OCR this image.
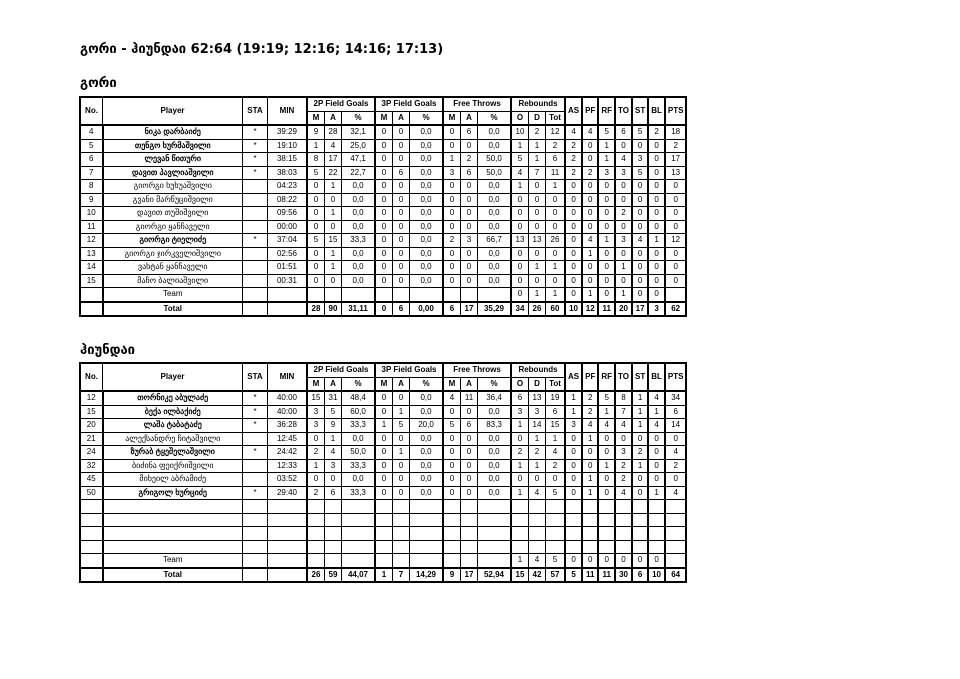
გორი - ჰიუნდაი 62:64 (19:19; 12:16; 14:16; 17:13)
გორი
No.	Player	STA	MIN	2P Field Goals			3P Field Goals			Free Throws			Rebounds			AS	PF	RF	TO	ST	BL	PTS
				M	A	%	M	A	%	M	A	%	O	D	Tot							
4	ნიკა დარბაიძე	*	39:29	9	28	32,1	0	0	0,0	0	6	0,0	10	2	12	4	4	5	6	5	2	18
5	თენგო ხურმაშვილი	*	19:10	1	4	25,0	0	0	0,0	0	0	0,0	1	1	2	2	0	1	0	0	0	2
6	ლევან წითური	*	38:15	8	17	47,1	0	0	0,0	1	2	50,0	5	1	6	2	0	1	4	3	0	17
7	დავით პავლიაშვილი	*	38:03	5	22	22,7	0	6	0,0	3	6	50,0	4	7	11	2	2	3	3	5	0	13
8	გიორგი ხუხუაშვილი		04:23	0	1	0,0	0	0	0,0	0	0	0,0	1	0	1	0	0	0	0	0	0	0
9	გვანი მარწუციშვილი		08:22	0	0	0,0	0	0	0,0	0	0	0,0	0	0	0	0	0	0	0	0	0	0
10	დავით თუშიშვილი		09:56	0	1	0,0	0	0	0,0	0	0	0,0	0	0	0	0	0	0	2	0	0	0
11	გიორგი ყანჩაველი		00:00	0	0	0,0	0	0	0,0	0	0	0,0	0	0	0	0	0	0	0	0	0	0
12	გიორგი ტიელიძე	*	37:04	5	15	33,3	0	0	0,0	2	3	66,7	13	13	26	0	4	1	3	4	1	12
13	გიორგი ჯირკველიშვილი		02:56	0	1	0,0	0	0	0,0	0	0	0,0	0	0	0	0	1	0	0	0	0	0
14	ვახტან ყანჩაველი		01:51	0	1	0,0	0	0	0,0	0	0	0,0	0	1	1	0	0	0	1	0	0	0
15	მაჩო ბალიაშვილი		00:31	0	0	0,0	0	0	0,0	0	0	0,0	0	0	0	0	0	0	0	0	0	0
	Team												0	1	1	0	1	0	1	0	0	
	Total			28	90	31,11	0	6	0,00	6	17	35,29	34	26	60	10	12	11	20	17	3	62
ჰიუნდაი
No.	Player	STA	MIN	2P Field Goals			3P Field Goals			Free Throws			Rebounds			AS	PF	RF	TO	ST	BL	PTS
				M	A	%	M	A	%	M	A	%	O	D	Tot							
12	თორნიკე აბულაძე	*	40:00	15	31	48,4	0	0	0,0	4	11	36,4	6	13	19	1	2	5	8	1	4	34
15	ბექა ილბაქიძე	*	40:00	3	5	60,0	0	1	0,0	0	0	0,0	3	3	6	1	2	1	7	1	1	6
20	ლაშა ტაბატაძე	*	36:28	3	9	33,3	1	5	20,0	5	6	83,3	1	14	15	3	4	4	4	1	4	14
21	ალექსანდრე ჩიტაშვილი		12:45	0	1	0,0	0	0	0,0	0	0	0,0	0	1	1	0	1	0	0	0	0	0
24	ზურაბ ტყეშელაშვილი	*	24:42	2	4	50,0	0	1	0,0	0	0	0,0	2	2	4	0	0	0	3	2	0	4
32	ბიძინა ფეიქრიშვილი		12:33	1	3	33,3	0	0	0,0	0	0	0,0	1	1	2	0	0	1	2	1	0	2
45	მიხეილ აბრამიძე		03:52	0	0	0,0	0	0	0,0	0	0	0,0	0	0	0	0	1	0	2	0	0	0
50	გრიგოლ ხურციძე	*	29:40	2	6	33,3	0	0	0,0	0	0	0,0	1	4	5	0	1	0	4	0	1	4

	Team												1	4	5	0	0	0	0	0	0	
	Total			26	59	44,07	1	7	14,29	9	17	52,94	15	42	57	5	11	11	30	6	10	64
